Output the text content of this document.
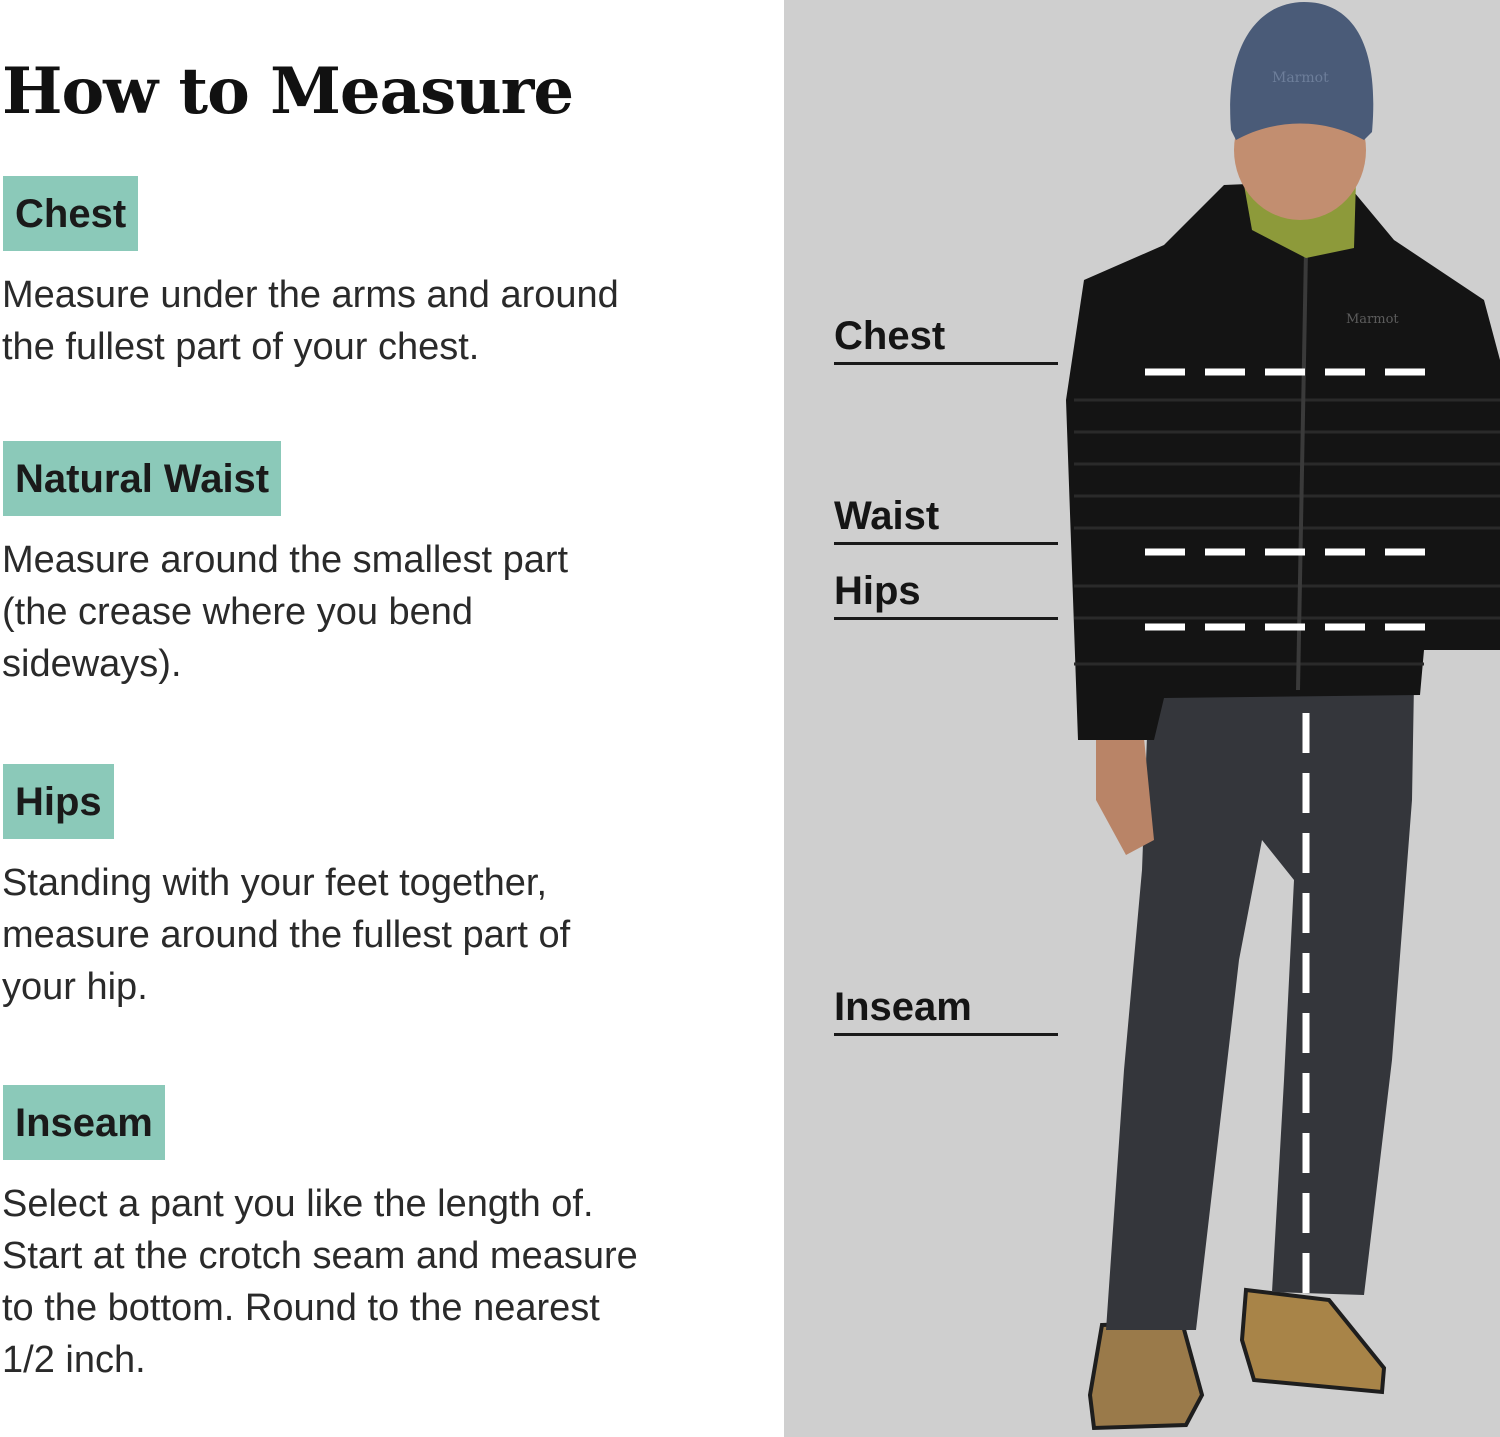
How to Measure
Chest

Measure under the arms and around
the fullest part of your chest.

Natural Waist

Measure around the smallest part
(the crease where you bend
sideways).

Hips

Standing with your feet together,
measure around the fullest part of
your hip.

Inseam

Select a pant you like the length of.
Start at the crotch seam and measure
to the bottom. Round to the nearest
1/2 inch.

Marmot
Marmot
Chest
Waist
Hips
Inseam
